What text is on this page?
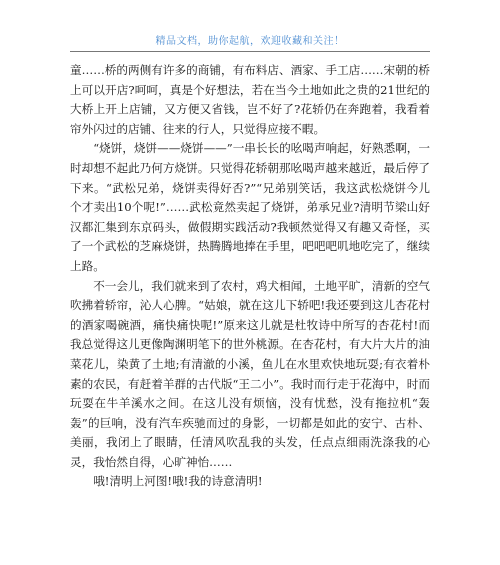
精品文档，助你起航，欢迎收藏和关注！

童……桥的两侧有许多的商铺，有布料店、酒家、手工店……宋朝的桥上可以开店?呵呵，真是个好想法，若在当今土地如此之贵的21世纪的大桥上开上店铺，又方便又省钱，岂不好了?花轿仍在奔跑着，我看着帘外闪过的店铺、往来的行人，只觉得应接不暇。

“烧饼，烧饼——烧饼——”一串长长的吆喝声响起，好熟悉啊，一时却想不起此乃何方烧饼。只觉得花轿朝那吆喝声越来越近，最后停了下来。“武松兄弟，烧饼卖得好否?”“兄弟别笑话，我这武松烧饼今儿个才卖出10个呢!”……武松竟然卖起了烧饼，弟承兄业?清明节梁山好汉都汇集到东京码头，做假期实践活动?我顿然觉得又有趣又奇怪，买了一个武松的芝麻烧饼，热腾腾地捧在手里，吧吧吧叽地吃完了，继续上路。

不一会儿，我们就来到了农村，鸡犬相闻，土地平旷，清新的空气吹拂着轿帘，沁人心脾。“姑娘，就在这儿下轿吧!我还要到这儿杏花村的酒家喝碗酒，痛快痛快呢!”原来这儿就是杜牧诗中所写的杏花村!而我总觉得这儿更像陶渊明笔下的世外桃源。在杏花村，有大片大片的油菜花儿，染黄了土地;有清澈的小溪，鱼儿在水里欢快地玩耍;有衣着朴素的农民，有赶着羊群的古代版“王二小”。我时而行走于花海中，时而玩耍在牛羊溪水之间。在这儿没有烦恼，没有忧愁，没有拖拉机“轰轰”的巨响，没有汽车疾驰而过的身影，一切都是如此的安宁、古朴、美丽，我闭上了眼睛，任清风吹乱我的头发，任点点细雨洗涤我的心灵，我怡然自得，心旷神怡……

哦!清明上河图!哦!我的诗意清明!
